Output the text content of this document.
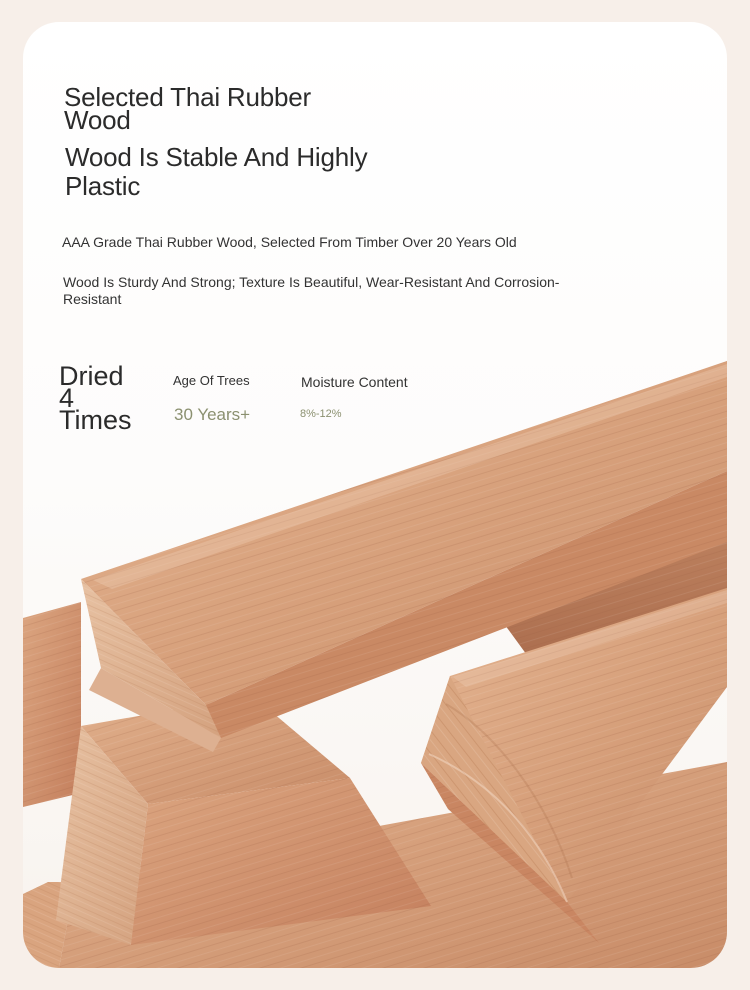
Selected Thai Rubber Wood
Wood Is Stable And Highly Plastic

AAA Grade Thai Rubber Wood, Selected From Timber Over 20 Years Old

Wood Is Sturdy And Strong; Texture Is Beautiful, Wear-Resistant And Corrosion-Resistant

Dried
4
Times

Age Of Trees

30 Years+

Moisture Content

8%-12%
